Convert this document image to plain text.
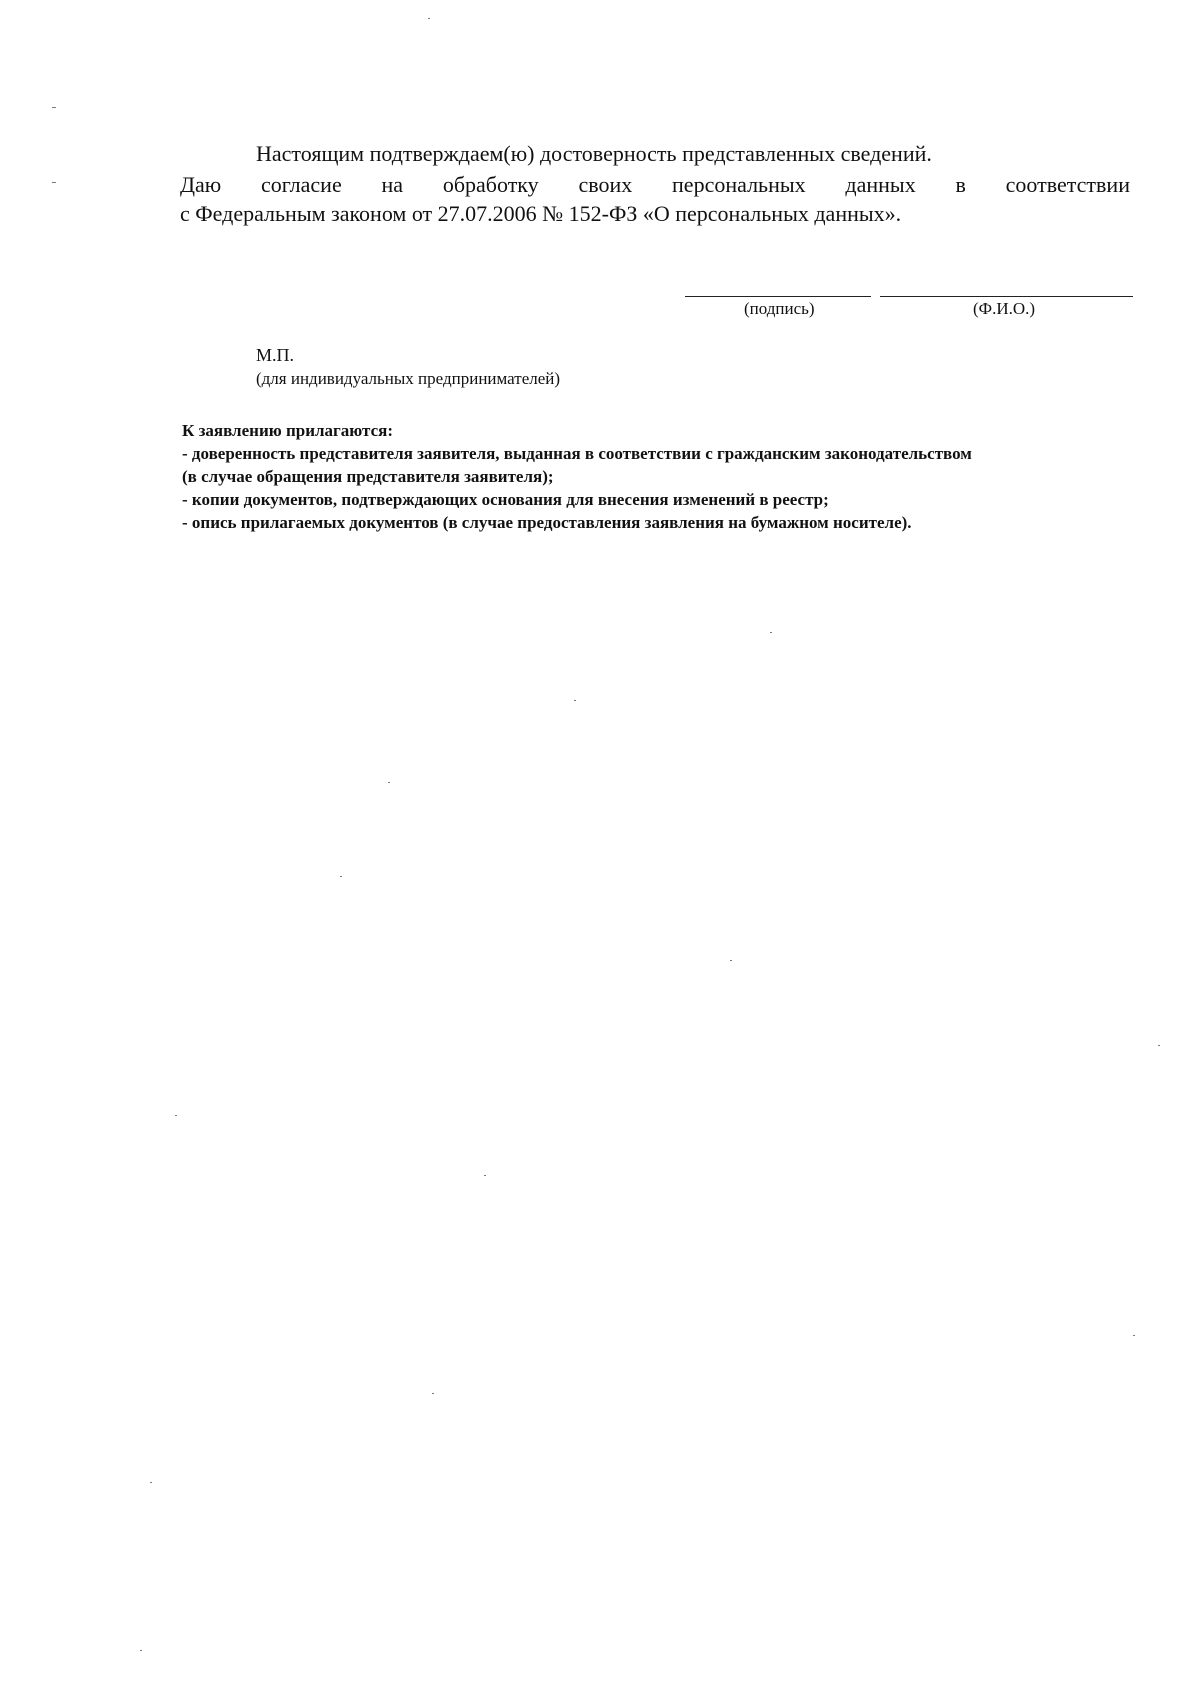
Настоящим подтверждаем(ю) достоверность представленных сведений.
Даю согласие на обработку своих персональных данных в соответствии
с Федеральным законом от 27.07.2006 № 152-ФЗ «О персональных данных».
(подпись)	(Ф.И.О.)
М.П.
(для индивидуальных предпринимателей)
К заявлению прилагаются:
- доверенность представителя заявителя, выданная в соответствии с гражданским законодательством
(в случае обращения представителя заявителя);
- копии документов, подтверждающих основания для внесения изменений в реестр;
- опись прилагаемых документов (в случае предоставления заявления на бумажном носителе).
